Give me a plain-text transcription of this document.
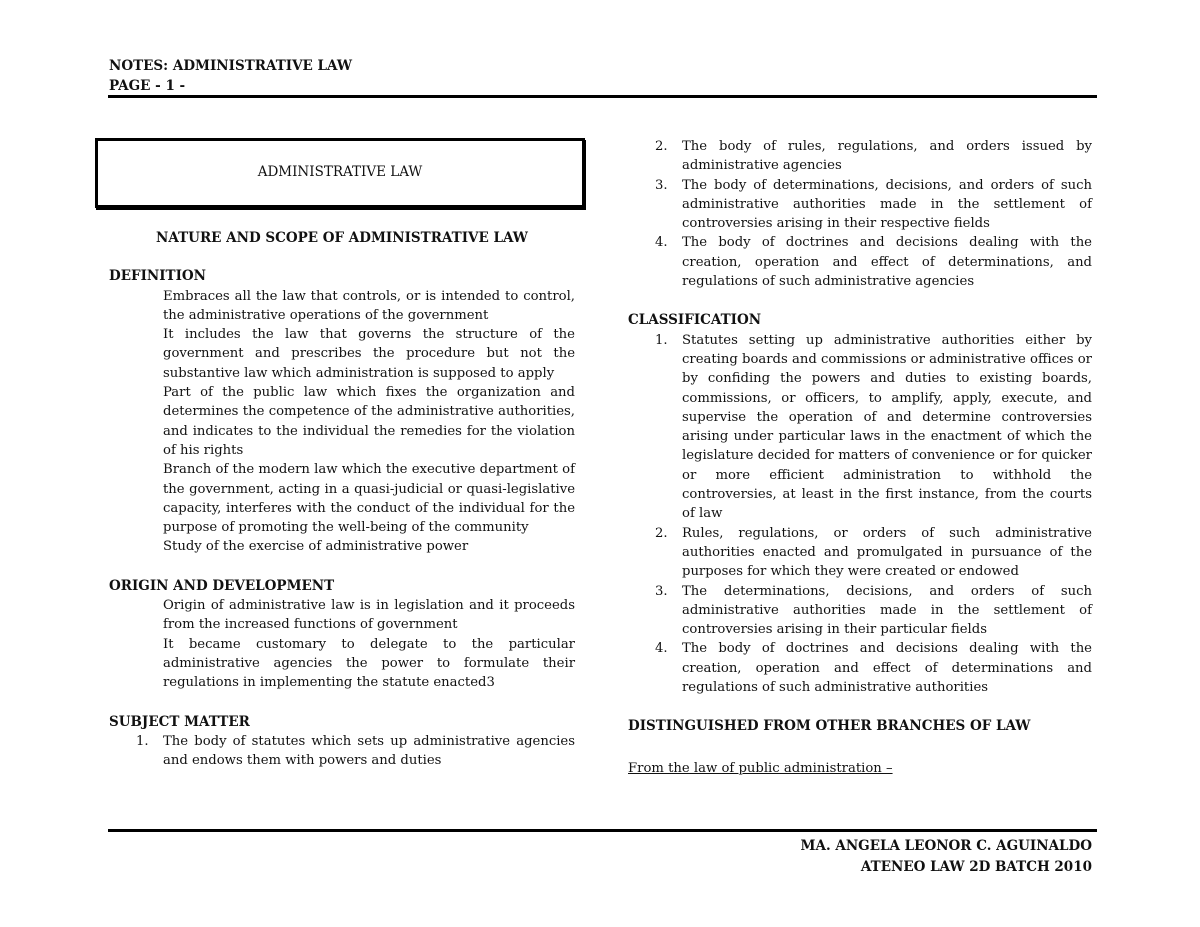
NOTES: ADMINISTRATIVE LAW
PAGE - 1 -
ADMINISTRATIVE LAW
NATURE AND SCOPE OF ADMINISTRATIVE LAW
DEFINITION
Embraces all the law that controls, or is intended to control, the administrative operations of the government
It includes the law that governs the structure of the government and prescribes the procedure but not the substantive law which administration is supposed to apply
Part of the public law which fixes the organization and determines the competence of the administrative authorities, and indicates to the individual the remedies for the violation of his rights
Branch of the modern law which the executive department of the government, acting in a quasi-judicial or quasi-legislative capacity, interferes with the conduct of the individual for the purpose of promoting the well-being of the community
Study of the exercise of administrative power
ORIGIN AND DEVELOPMENT
Origin of administrative law is in legislation and it proceeds from the increased functions of government
It became customary to delegate to the particular administrative agencies the power to formulate their regulations in implementing the statute enacted3
SUBJECT MATTER
1.	The body of statutes which sets up administrative agencies and endows them with powers and duties
2.	The body of rules, regulations, and orders issued by administrative agencies
3.	The body of determinations, decisions, and orders of such administrative authorities made in the settlement of controversies arising in their respective fields
4.	The body of doctrines and decisions dealing with the creation, operation and effect of determinations, and regulations of such administrative agencies
CLASSIFICATION
1.	Statutes setting up administrative authorities either by creating boards and commissions or administrative offices or by confiding the powers and duties to existing boards, commissions, or officers, to amplify, apply, execute, and supervise the operation of and determine controversies arising under particular laws in the enactment of which the legislature decided for matters of convenience or for quicker or more efficient administration to withhold the controversies, at least in the first instance, from the courts of law
2.	Rules, regulations, or orders of such administrative authorities enacted and promulgated in pursuance of the purposes for which they were created or endowed
3.	The determinations, decisions, and orders of such administrative authorities made in the settlement of controversies arising in their particular fields
4.	The body of doctrines and decisions dealing with the creation, operation and effect of determinations and regulations of such administrative authorities
DISTINGUISHED FROM OTHER BRANCHES OF LAW
From the law of public administration –
MA. ANGELA LEONOR C. AGUINALDO
ATENEO LAW 2D BATCH 2010
